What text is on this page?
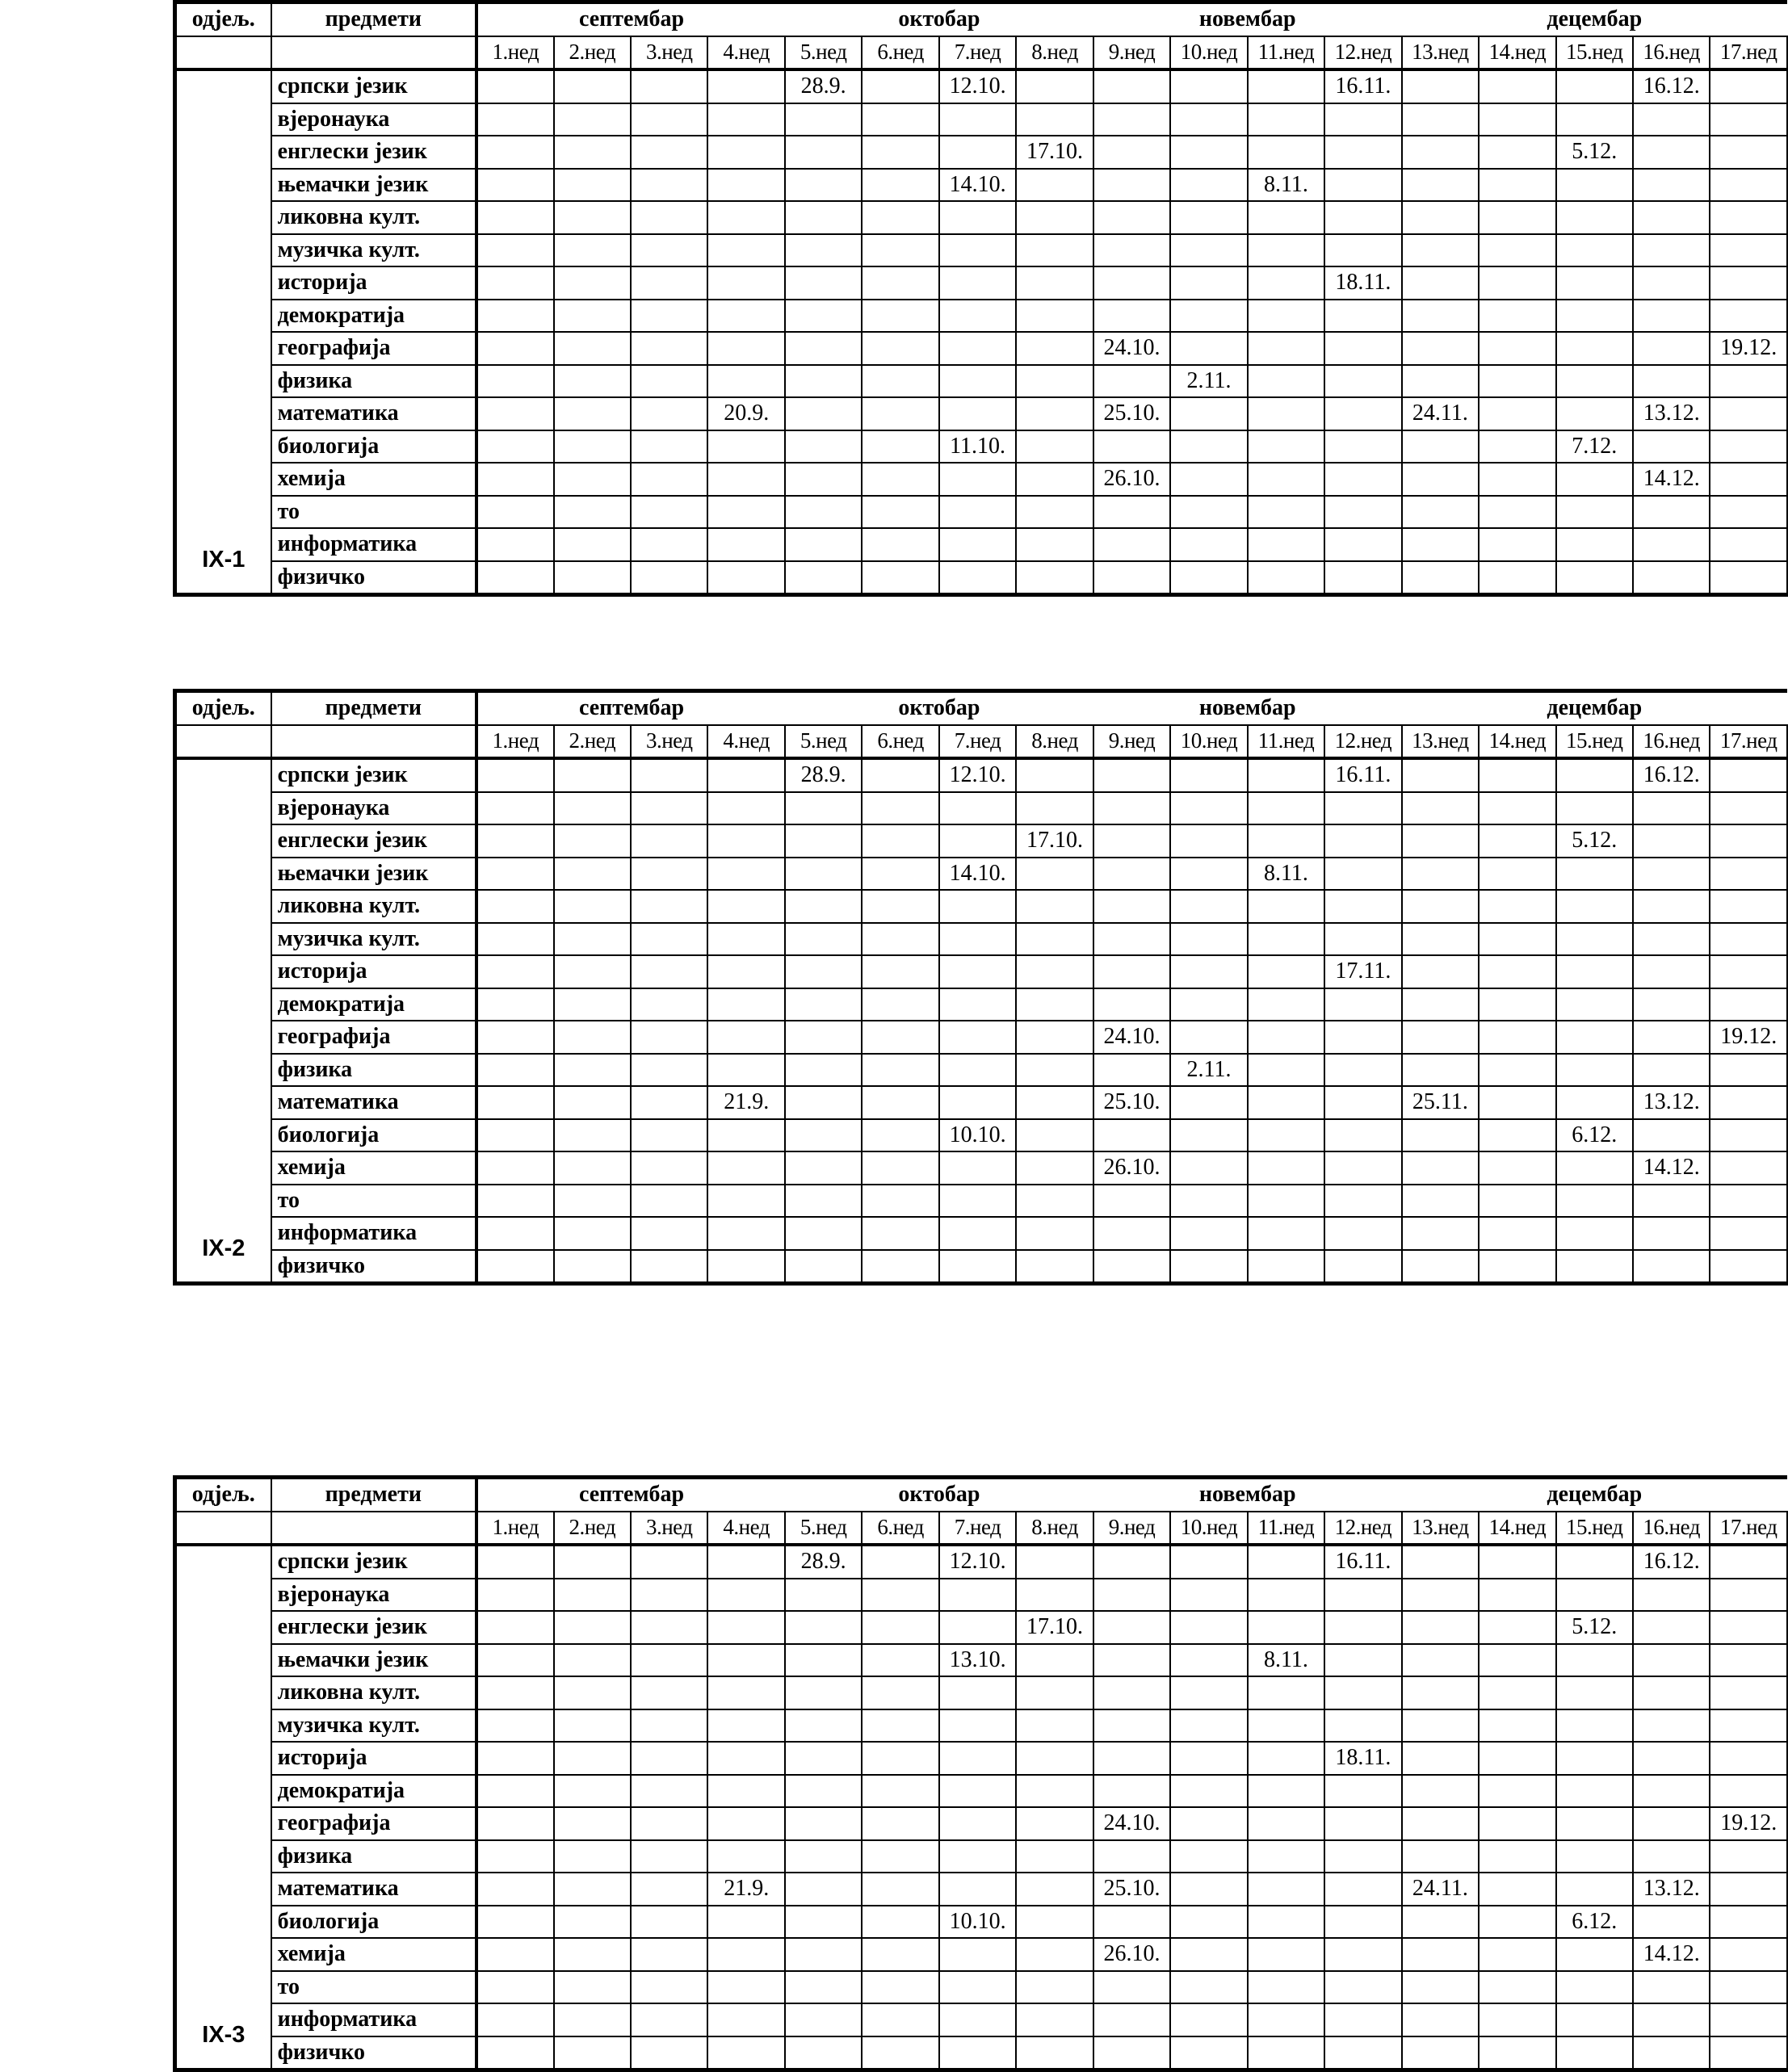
одјељ.	предмети	септембар				октобар				новембар				децембар				
		1.нед	2.нед	3.нед	4.нед	5.нед	6.нед	7.нед	8.нед	9.нед	10.нед	11.нед	12.нед	13.нед	14.нед	15.нед	16.нед	17.нед
IX-1	српски језик					28.9.		12.10.					16.11.				16.12.	
	вјеронаука																	
	енглески језик								17.10.							5.12.		
	њемачки језик							14.10.				8.11.						
	ликовна култ.																	
	музичка култ.																	
	историја												18.11.					
	демократија																	
	географија									24.10.								19.12.
	физика										2.11.							
	математика				20.9.					25.10.				24.11.			13.12.	
	биологија							11.10.								7.12.		
	хемија									26.10.							14.12.	
	то																	
	информатика																	
	физичко																	
одјељ.	предмети	септембар				октобар				новембар				децембар				
		1.нед	2.нед	3.нед	4.нед	5.нед	6.нед	7.нед	8.нед	9.нед	10.нед	11.нед	12.нед	13.нед	14.нед	15.нед	16.нед	17.нед
IX-2	српски језик					28.9.		12.10.					16.11.				16.12.	
	вјеронаука																	
	енглески језик								17.10.							5.12.		
	њемачки језик							14.10.				8.11.						
	ликовна култ.																	
	музичка култ.																	
	историја												17.11.					
	демократија																	
	географија									24.10.								19.12.
	физика										2.11.							
	математика				21.9.					25.10.				25.11.			13.12.	
	биологија							10.10.								6.12.		
	хемија									26.10.							14.12.	
	то																	
	информатика																	
	физичко																	
одјељ.	предмети	септембар				октобар				новембар				децембар				
		1.нед	2.нед	3.нед	4.нед	5.нед	6.нед	7.нед	8.нед	9.нед	10.нед	11.нед	12.нед	13.нед	14.нед	15.нед	16.нед	17.нед
IX-3	српски језик					28.9.		12.10.					16.11.				16.12.	
	вјеронаука																	
	енглески језик								17.10.							5.12.		
	њемачки језик							13.10.				8.11.						
	ликовна култ.																	
	музичка култ.																	
	историја												18.11.					
	демократија																	
	географија									24.10.								19.12.
	физика																	
	математика				21.9.					25.10.				24.11.			13.12.	
	биологија							10.10.								6.12.		
	хемија									26.10.							14.12.	
	то																	
	информатика																	
	физичко																	
